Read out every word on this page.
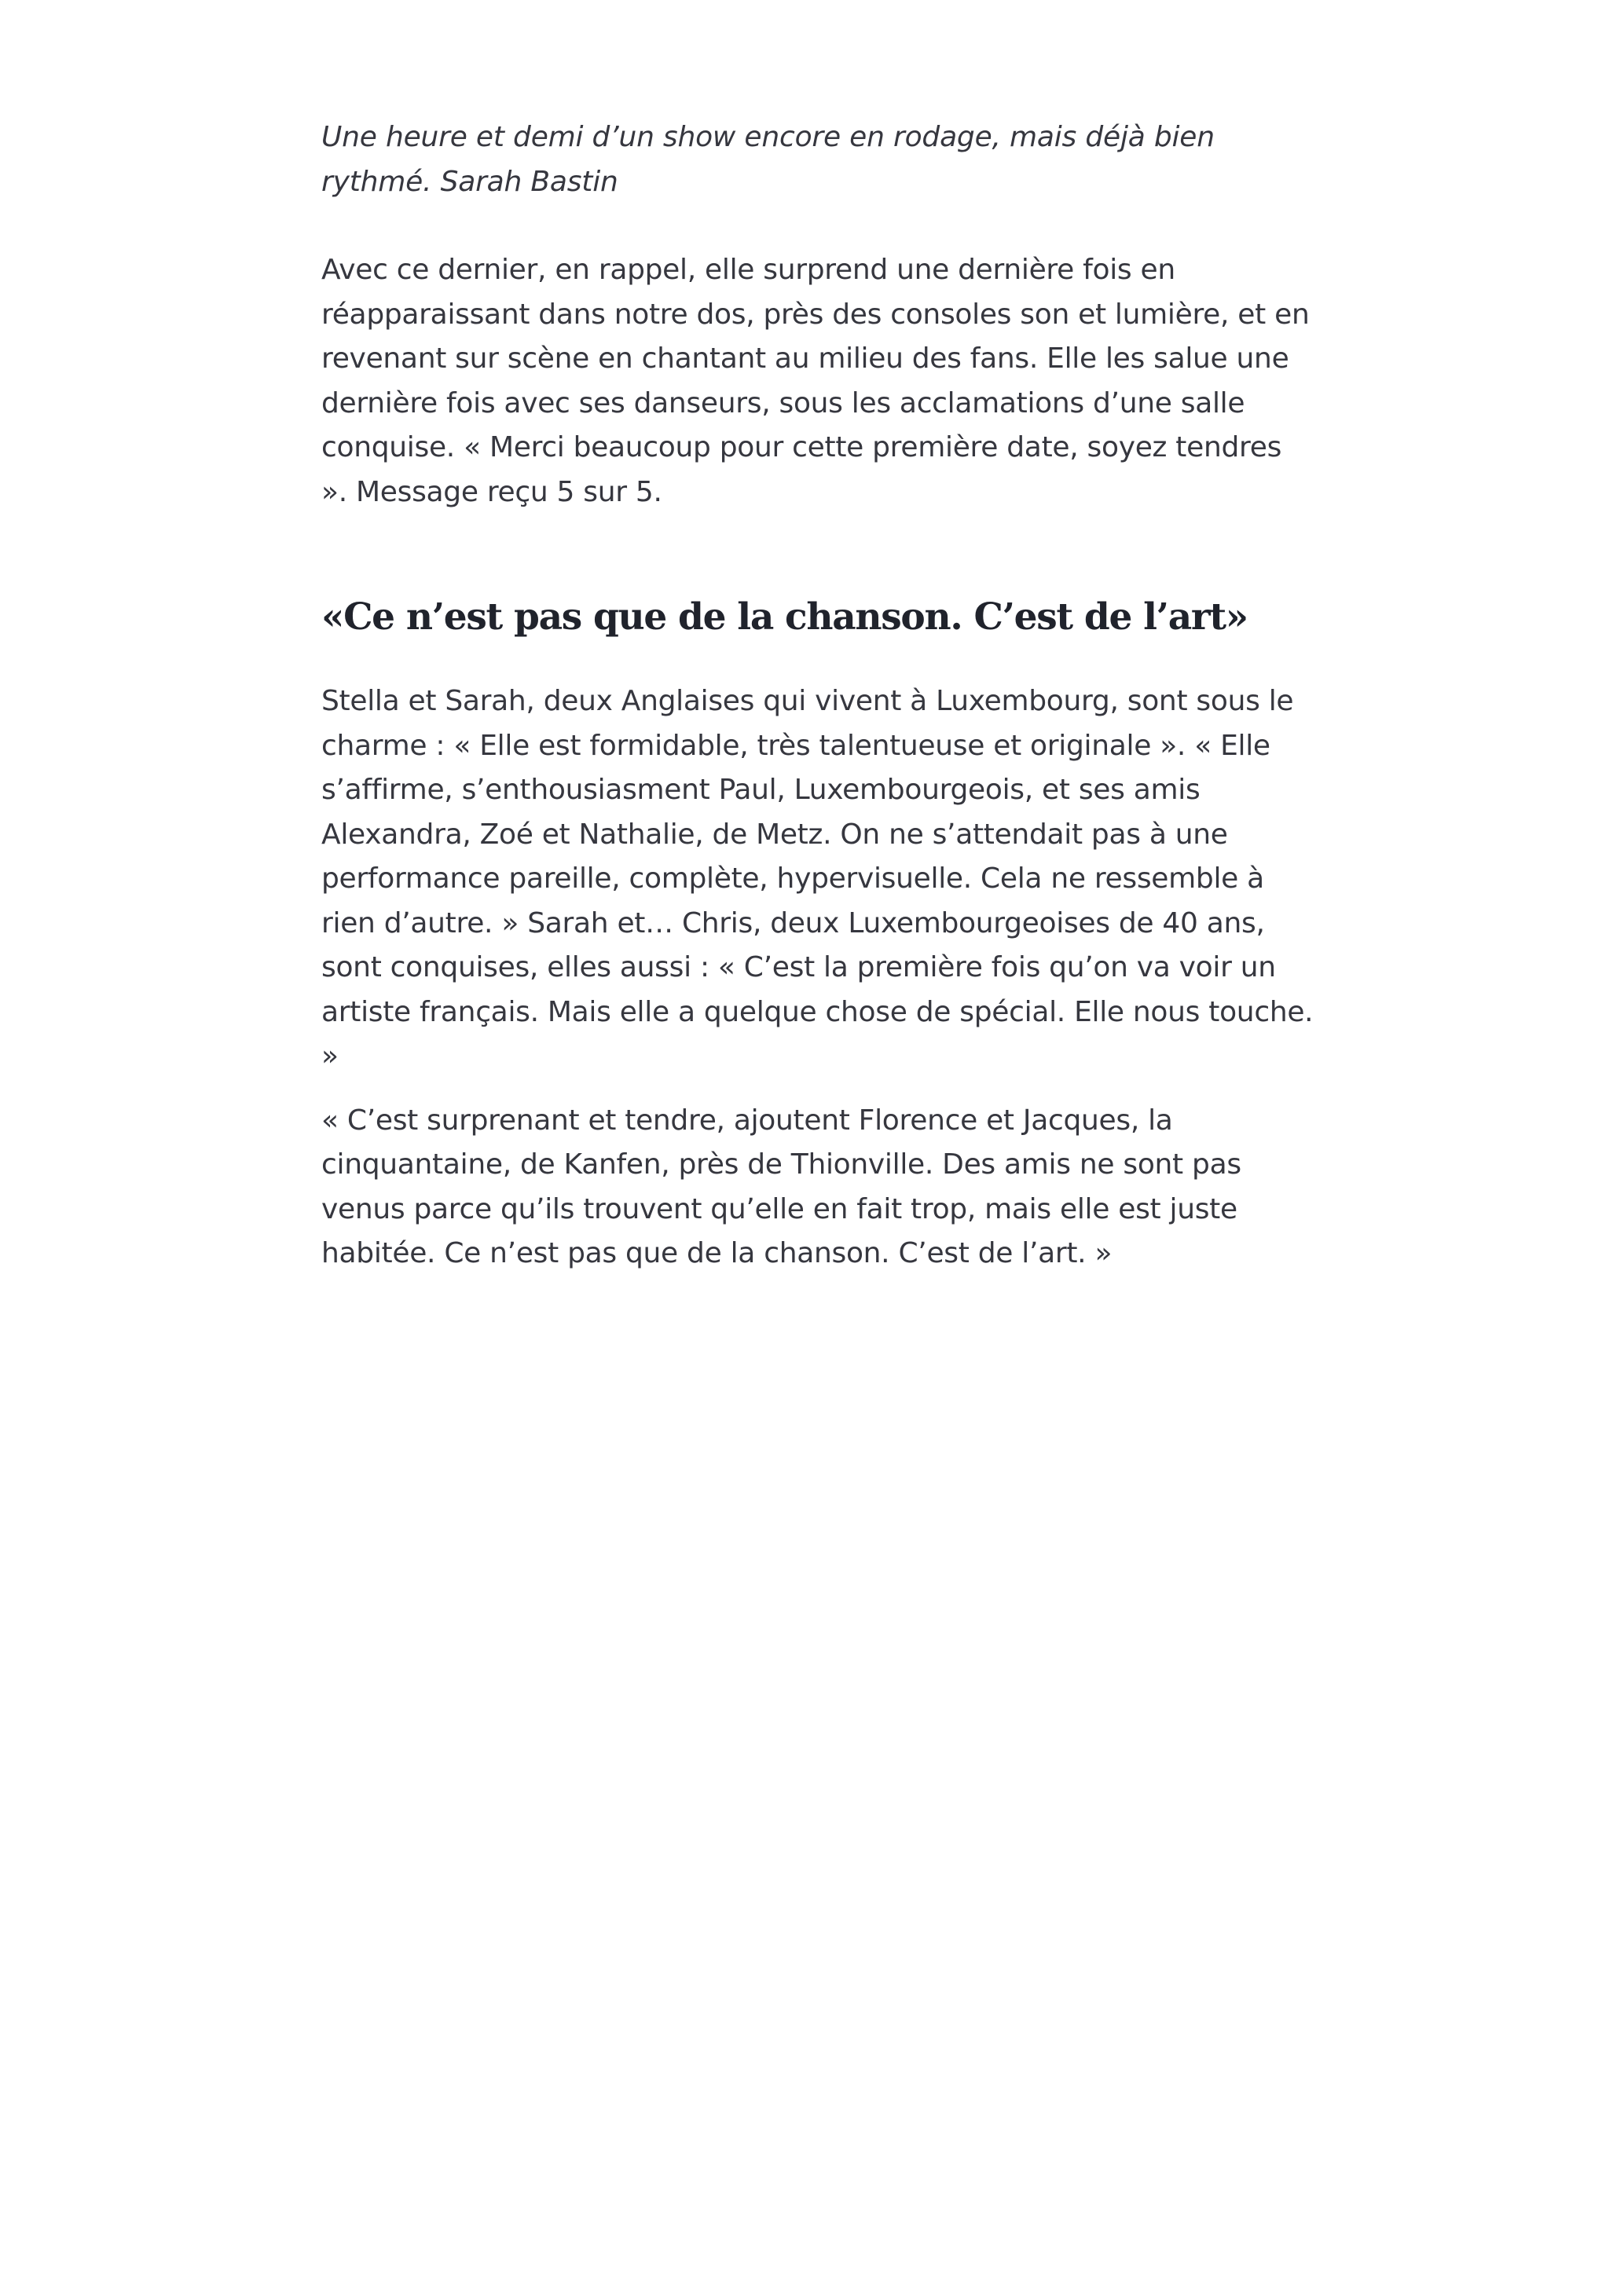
Une heure et demi d’un show encore en rodage, mais déjà bien rythmé. Sarah Bastin

Avec ce dernier, en rappel, elle surprend une dernière fois en réapparaissant dans notre dos, près des consoles son et lumière, et en revenant sur scène en chantant au milieu des fans. Elle les salue une dernière fois avec ses danseurs, sous les acclamations d’une salle conquise. « Merci beaucoup pour cette première date, soyez tendres ». Message reçu 5 sur 5.

«Ce n’est pas que de la chanson. C’est de l’art»

Stella et Sarah, deux Anglaises qui vivent à Luxembourg, sont sous le charme : « Elle est formidable, très talentueuse et originale ». « Elle s’affirme, s’enthousiasment Paul, Luxembourgeois, et ses amis Alexandra, Zoé et Nathalie, de Metz. On ne s’attendait pas à une performance pareille, complète, hypervisuelle. Cela ne ressemble à rien d’autre. » Sarah et… Chris, deux Luxembourgeoises de 40 ans, sont conquises, elles aussi : « C’est la première fois qu’on va voir un artiste français. Mais elle a quelque chose de spécial. Elle nous touche. »

« C’est surprenant et tendre, ajoutent Florence et Jacques, la cinquantaine, de Kanfen, près de Thionville. Des amis ne sont pas venus parce qu’ils trouvent qu’elle en fait trop, mais elle est juste habitée. Ce n’est pas que de la chanson. C’est de l’art. »
